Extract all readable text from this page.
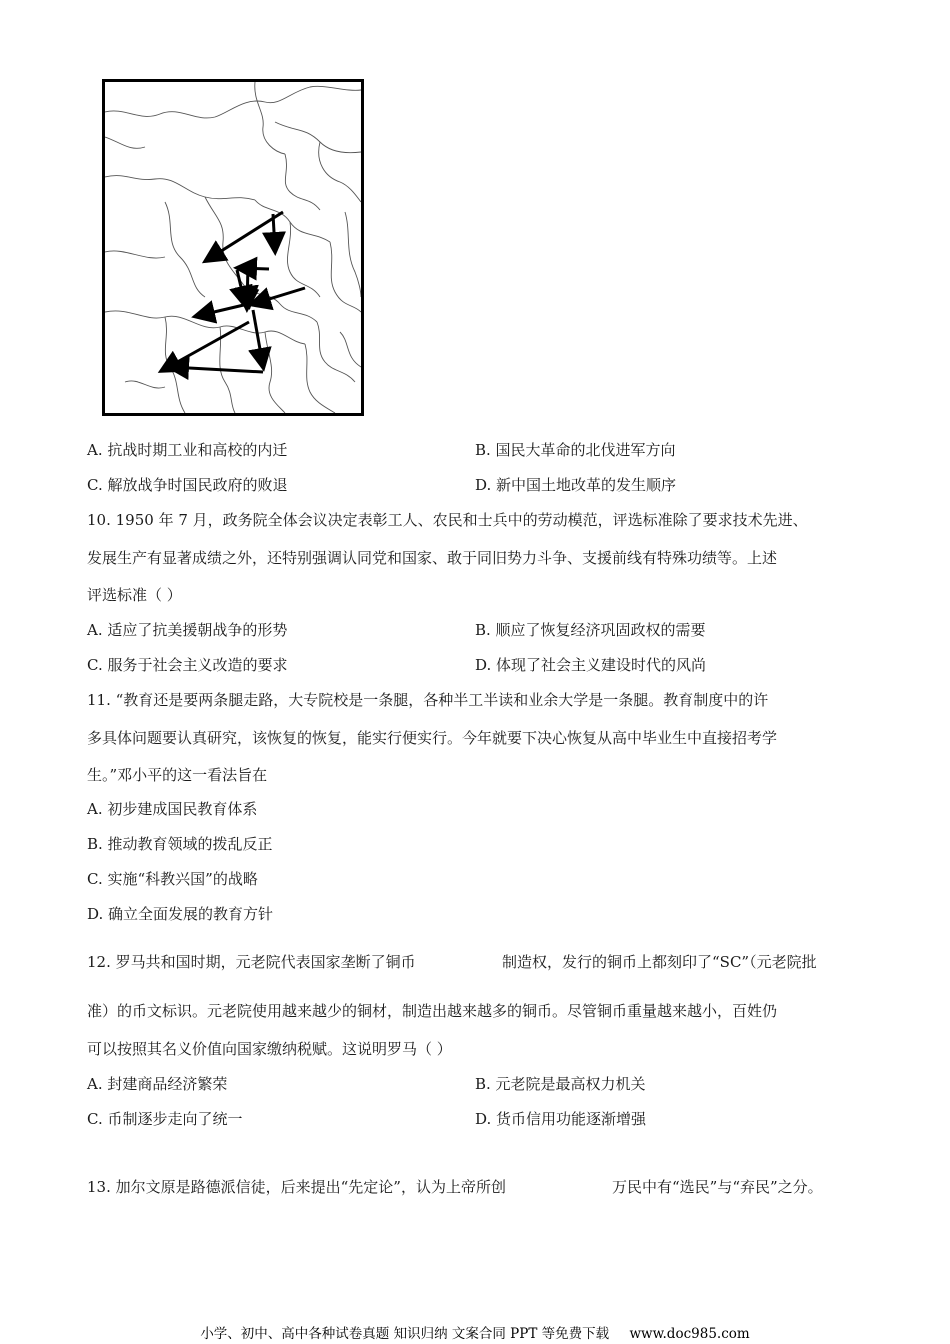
A. 抗战时期工业和高校的内迁	B. 国民大革命的北伐进军方向
C. 解放战争时国民政府的败退	D. 新中国土地改革的发生顺序
10. 1950 年 7 月，政务院全体会议决定表彰工人、农民和士兵中的劳动模范，评选标准除了要求技术先进、
发展生产有显著成绩之外，还特别强调认同党和国家、敢于同旧势力斗争、支援前线有特殊功绩等。上述
评选标准（ ）
A. 适应了抗美援朝战争的形势	B. 顺应了恢复经济巩固政权的需要
C. 服务于社会主义改造的要求	D. 体现了社会主义建设时代的风尚
11. “教育还是要两条腿走路，大专院校是一条腿，各种半工半读和业余大学是一条腿。教育制度中的许
多具体问题要认真研究，该恢复的恢复，能实行便实行。今年就要下决心恢复从高中毕业生中直接招考学
生。”邓小平的这一看法旨在
A. 初步建成国民教育体系
B. 推动教育领域的拨乱反正
C. 实施“科教兴国”的战略
D. 确立全面发展的教育方针
12. 罗马共和国时期，元老院代表国家垄断了铜币	制造权，发行的铜币上都刻印了“SC”（元老院批
准）的币文标识。元老院使用越来越少的铜材，制造出越来越多的铜币。尽管铜币重量越来越小，百姓仍
可以按照其名义价值向国家缴纳税赋。这说明罗马（ ）
A. 封建商品经济繁荣	B. 元老院是最高权力机关
C. 币制逐步走向了统一	D. 货币信用功能逐渐增强
13. 加尔文原是路德派信徒，后来提出“先定论”，认为上帝所创	万民中有“选民”与“弃民”之分。
小学、初中、高中各种试卷真题 知识归纳 文案合同 PPT 等免费下载 www.doc985.com
